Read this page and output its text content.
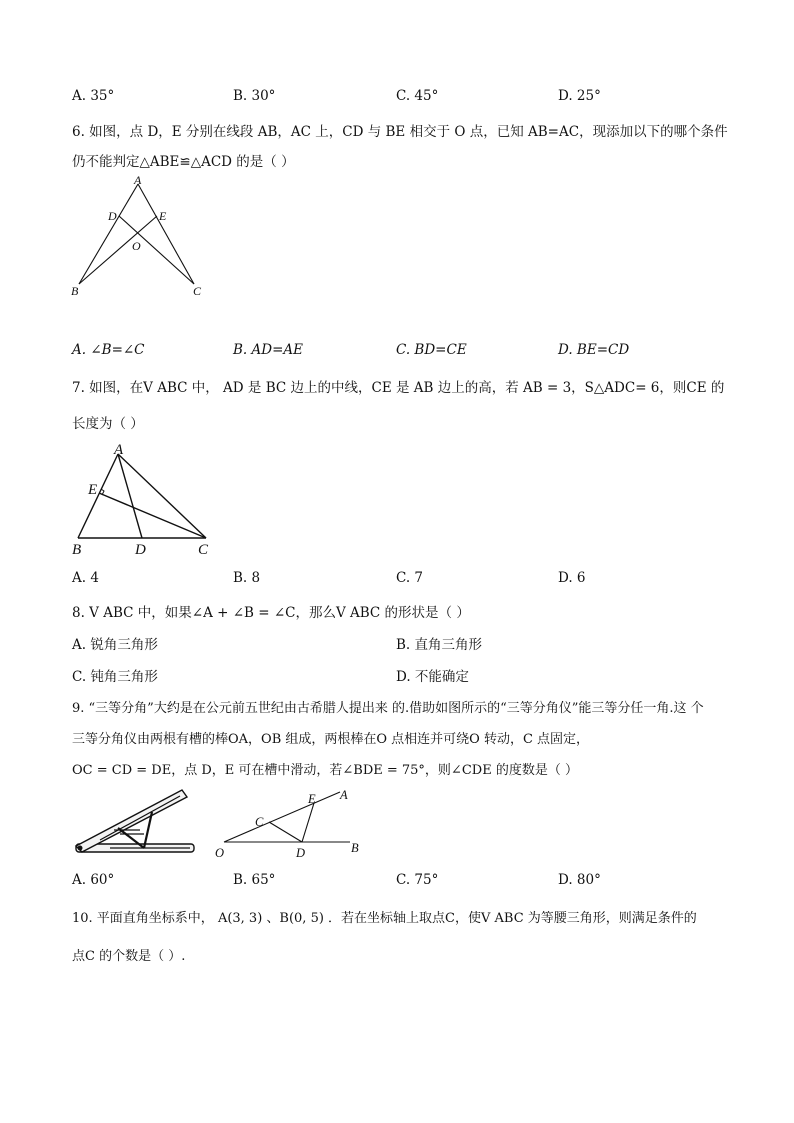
A. 35°	B. 30°	C. 45°	D. 25°
6. 如图，点 D，E 分别在线段 AB，AC 上，CD 与 BE 相交于 O 点，已知 AB=AC，现添加以下的哪个条件
仍不能判定△ABE≌△ACD 的是（ ）
A
D	E
O
B	C
A. ∠B=∠C	B. AD=AE	C. BD=CE	D. BE=CD
7. 如图，在V ABC 中， AD 是 BC 边上的中线，CE 是 AB 边上的高，若 AB = 3，S△ADC= 6，则CE 的
长度为（ ）
A
E
B	D	C
A. 4	B. 8	C. 7	D. 6
8. V ABC 中，如果∠A + ∠B = ∠C，那么V ABC 的形状是（ ）
A. 锐角三角形	B. 直角三角形
C. 钝角三角形	D. 不能确定
9. “三等分角”大约是在公元前五世纪由古希腊人提出来 的.借助如图所示的“三等分角仪”能三等分任一角.这 个
三等分角仪由两根有槽的棒OA，OB 组成，两根棒在O 点相连并可绕O 转动，C 点固定，
OC = CD = DE，点 D，E 可在槽中滑动，若∠BDE = 75°，则∠CDE 的度数是（ ）
E A
C
O	D	B
A. 60°	B. 65°	C. 75°	D. 80°
10. 平面直角坐标系中， A(3, 3) 、B(0, 5) ．若在坐标轴上取点C，使V ABC 为等腰三角形，则满足条件的
点C 的个数是（ ）.
